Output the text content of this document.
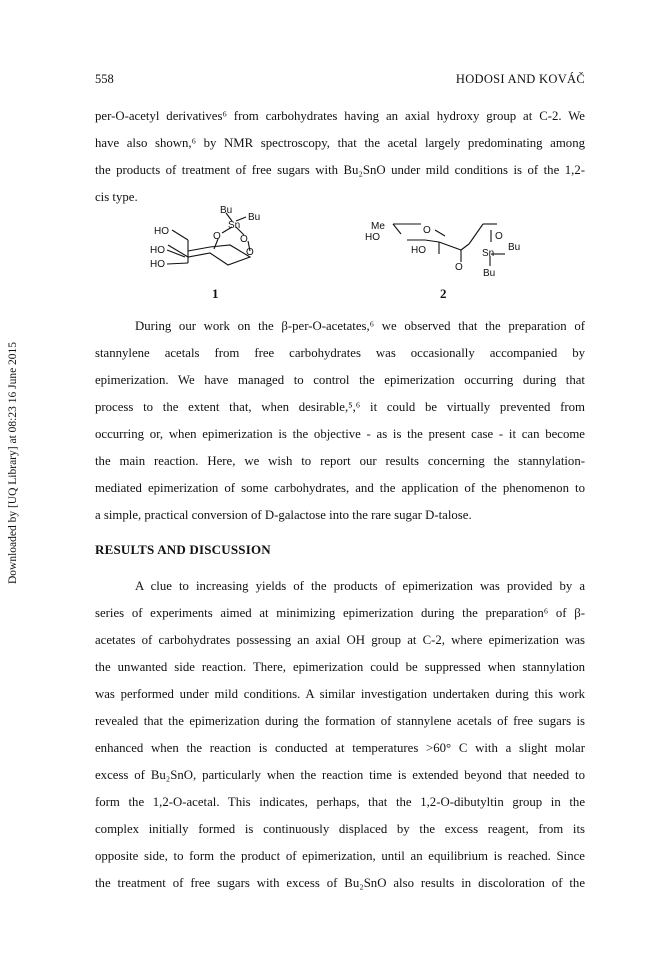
Downloaded by [UQ Library] at 08:23 16 June 2015
558	HODOSI AND KOVÁČ

per-O-acetyl derivatives⁶ from carbohydrates having an axial hydroxy group at C-2. We
have also shown,⁶ by NMR spectroscopy, that the acetal largely predominating among
the products of treatment of free sugars with Bu₂SnO under mild conditions is of the 1,2-
cis type.

Bu
Bu
Sn
O O
O
HO
HO
HO
1
Me	O
O
HO
HO
O
Sn
Bu
Bu
2

During our work on the β-per-O-acetates,⁶ we observed that the preparation of
stannylene acetals from free carbohydrates was occasionally accompanied by
epimerization. We have managed to control the epimerization occurring during that
process to the extent that, when desirable,⁵,⁶ it could be virtually prevented from
occurring or, when epimerization is the objective - as is the present case - it can become
the main reaction. Here, we wish to report our results concerning the stannylation-
mediated epimerization of some carbohydrates, and the application of the phenomenon to
a simple, practical conversion of D-galactose into the rare sugar D-talose.

RESULTS AND DISCUSSION

A clue to increasing yields of the products of epimerization was provided by a
series of experiments aimed at minimizing epimerization during the preparation⁶ of β-
acetates of carbohydrates possessing an axial OH group at C-2, where epimerization was
the unwanted side reaction. There, epimerization could be suppressed when stannylation
was performed under mild conditions. A similar investigation undertaken during this work
revealed that the epimerization during the formation of stannylene acetals of free sugars is
enhanced when the reaction is conducted at temperatures >60° C with a slight molar
excess of Bu₂SnO, particularly when the reaction time is extended beyond that needed to
form the 1,2-O-acetal. This indicates, perhaps, that the 1,2-O-dibutyltin group in the
complex initially formed is continuously displaced by the excess reagent, from its
opposite side, to form the product of epimerization, until an equilibrium is reached. Since
the treatment of free sugars with excess of Bu₂SnO also results in discoloration of the
